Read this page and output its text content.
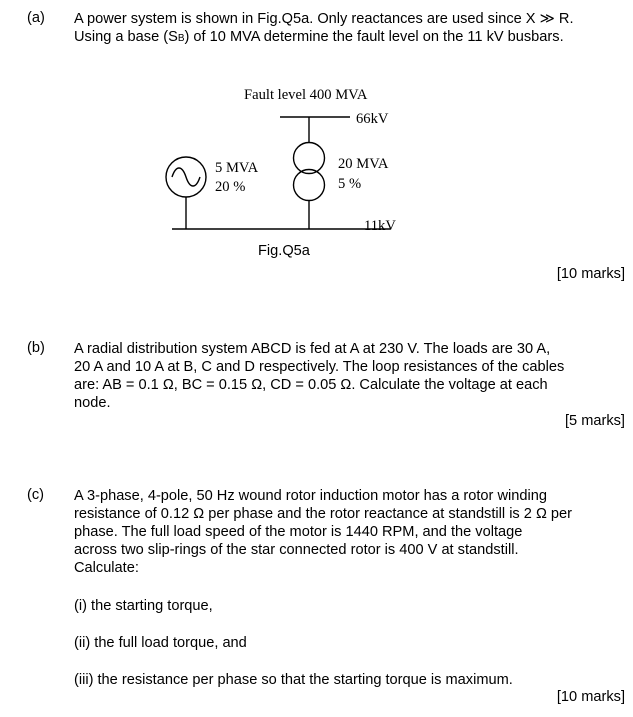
(a) A power system is shown in Fig.Q5a. Only reactances are used since X ≫ R.
Using a base (SB) of 10 MVA determine the fault level on the 11 kV busbars.
Fault level 400 MVA
66kV
5 MVA
20 %
20 MVA
5 %
11kV
Fig.Q5a
[10 marks]
(b) A radial distribution system ABCD is fed at A at 230 V. The loads are 30 A,
20 A and 10 A at B, C and D respectively. The loop resistances of the cables
are: AB = 0.1 Ω, BC = 0.15 Ω, CD = 0.05 Ω. Calculate the voltage at each
node.
[5 marks]
(c) A 3-phase, 4-pole, 50 Hz wound rotor induction motor has a rotor winding
resistance of 0.12 Ω per phase and the rotor reactance at standstill is 2 Ω per
phase. The full load speed of the motor is 1440 RPM, and the voltage
across two slip-rings of the star connected rotor is 400 V at standstill.
Calculate:
(i) the starting torque,
(ii) the full load torque, and
(iii) the resistance per phase so that the starting torque is maximum.
[10 marks]
